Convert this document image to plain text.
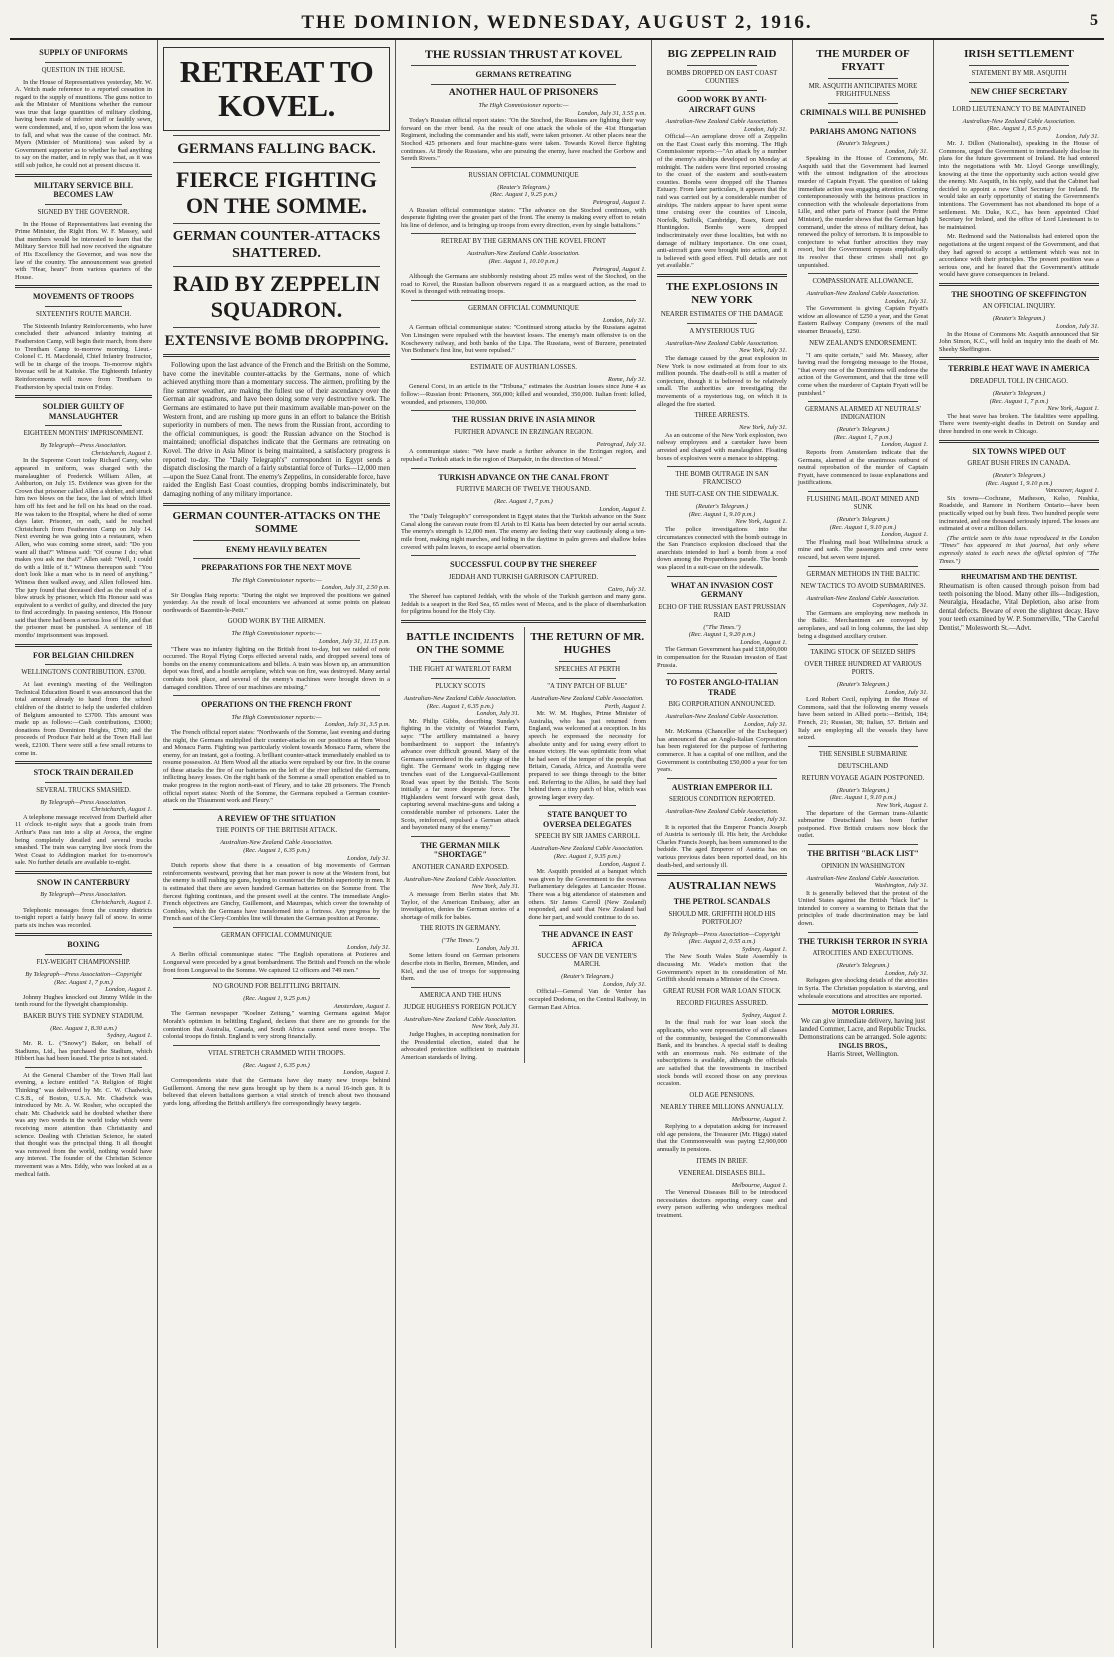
THE DOMINION, WEDNESDAY, AUGUST 2, 1916.	5
SUPPLY OF UNIFORMS
QUESTION IN THE HOUSE.

In the House of Representatives yesterday, Mr. W. A. Veitch made reference to a reported cessation in regard to the supply of munitions. The guns notice to ask the Minister of Munitions whether the rumour was true that large quantities of military clothing, having been made of inferior stuff or faultily sewn, were condemned, and, if so, upon whom the loss was to fall, and what was the cause of the contract. Mr. Myers (Minister of Munitions) was asked by a Government supporter as to whether he had anything to say on the matter, and in reply was that, as it was still sub judice, he could not at present discuss it.

MILITARY SERVICE BILL BECOMES LAW
SIGNED BY THE GOVERNOR.

In the House of Representatives last evening the Prime Minister, the Right Hon. W. F. Massey, said that members would be interested to learn that the Military Service Bill had now received the signature of His Excellency the Governor, and was now the law of the country. The announcement was greeted with "Hear, hears" from various quarters of the House.

MOVEMENTS OF TROOPS
SIXTEENTH'S ROUTE MARCH.

The Sixteenth Infantry Reinforcements, who have concluded their advanced infantry training at Featherston Camp, will begin their march, from there to Trentham Camp to-morrow morning. Lieut.-Colonel C. H. Macdonald, Chief Infantry Instructor, will be in charge of the troops. To-morrow night's bivouac will be at Kaitoke. The Eighteenth Infantry Reinforcements will move from Trentham to Featherston by special train on Friday.

SOLDIER GUILTY OF MANSLAUGHTER
EIGHTEEN MONTHS' IMPRISONMENT.
By Telegraph—Press Association.
Christchurch, August 1.

In the Supreme Court today Richard Carey, who appeared in uniform, was charged with the manslaughter of Frederick William Allen, at Ashburton, on July 15. Evidence was given for the Crown that prisoner called Allen a shirker, and struck him two blows on the face, the last of which lifted him off his feet and he fell on his head on the road. He was taken to the Hospital, where he died of some days later. Prisoner, on oath, said he reached Christchurch from Featherston Camp on July 14. Next evening he was going into a restaurant, when Allen, who was coming some street, said: "Do you want all that?" Witness said: "Of course I do; what makes you ask me that?" Allen said: "Well, I could do with a little of it." Witness thereupon said: "You don't look like a man who is in need of anything." Witness then walked away, and Allen followed him. The jury found that deceased died as the result of a blow struck by prisoner, which His Honour said was equivalent to a verdict of guilty, and directed the jury to find accordingly. In passing sentence, His Honour said that there had been a serious loss of life, and that the prisoner must be punished. A sentence of 18 months' imprisonment was imposed.

FOR BELGIAN CHILDREN
WELLINGTON'S CONTRIBUTION. £3700.

At last evening's meeting of the Wellington Technical Education Board it was announced that the total amount already to hand from the school children of the district to help the underfed children of Belgium amounted to £3700. This amount was made up as follows:—Cash contributions, £3000; donations from Dominion Heights, £700; and the proceeds of Produce Fair held at the Town Hall last week, £2100. There were still a few small returns to come in.

STOCK TRAIN DERAILED
SEVERAL TRUCKS SMASHED.
By Telegraph—Press Association.
Christchurch, August 1.

A telephone message received from Darfield after 11 o'clock to-night says that a goods train from Arthur's Pass ran into a slip at Avoca, the engine being completely derailed and several trucks smashed. The train was carrying live stock from the West Coast to Addington market for to-morrow's sale. No further details are available to-night.

SNOW IN CANTERBURY
By Telegraph—Press Association.
Christchurch, August 1.

Telephonic messages from the country districts to-night report a fairly heavy fall of snow. In some parts six inches was recorded.

BOXING
FLY-WEIGHT CHAMPIONSHIP.
By Telegraph—Press Association—Copyright
(Rec. August 1, 7 p.m.)
London, August 1.

Johnny Hughes knocked out Jimmy Wilde in the tenth round for the flyweight championship.

BAKER BUYS THE SYDNEY STADIUM.
(Rec. August 1, 8.30 a.m.)
Sydney, August 1.

Mr. R. L. ("Snowy") Baker, on behalf of Stadiums, Ltd., has purchased the Stadium, which Hibbert has had been leased. The price is not stated.

At the General Chamber of the Town Hall last evening, a lecture entitled "A Religion of Right Thinking" was delivered by Mr. C. W. Chadwick, C.S.B., of Boston, U.S.A. Mr. Chadwick was introduced by Mr. A. W. Rosher, who occupied the chair. Mr. Chadwick said he doubted whether there was any two words in the world today which were receiving more attention than Christianity and science. Dealing with Christian Science, he stated that thought was the principal thing. It all thought was removed from the world, nothing would have any interest. The founder of the Christian Science movement was a Mrs. Eddy, who was looked at as a medical faith.

RETREAT TO KOVEL.
GERMANS FALLING BACK.
FIERCE FIGHTING ON THE SOMME.
GERMAN COUNTER-ATTACKS SHATTERED.
RAID BY ZEPPELIN SQUADRON.
EXTENSIVE BOMB DROPPING.

Following upon the last advance of the French and the British on the Somme, have come the inevitable counter-attacks by the Germans, none of which achieved anything more than a momentary success. The airmen, profiting by the fine summer weather, are making the fullest use of their ascendancy over the German air squadrons, and have been doing some very destructive work. The Germans are estimated to have put their maximum available man-power on the Western front, and are rushing up more guns in an effort to balance the British superiority in numbers of men. The news from the Russian front, according to the official communiques, is good: the Russian advance on the Stochod is maintained; unofficial dispatches indicate that the Germans are retreating on Kovel. The drive in Asia Minor is being maintained, a satisfactory progress is reported to-day. The "Daily Telegraph's" correspondent in Egypt sends a dispatch disclosing the march of a fairly substantial force of Turks—12,000 men—upon the Suez Canal front. The enemy's Zeppelins, in considerable force, have raided the English East Coast counties, dropping bombs indiscriminately, but damaging nothing of any military importance.

GERMAN COUNTER-ATTACKS ON THE SOMME
ENEMY HEAVILY BEATEN
PREPARATIONS FOR THE NEXT MOVE
The High Commissioner reports:—
London, July 31, 2.50 p.m.

Sir Douglas Haig reports: "During the night we improved the positions we gained yesterday. As the result of local encounters we advanced at some points on plateau northwards of Bazentin-le-Petit."

GOOD WORK BY THE AIRMEN.
The High Commissioner reports:—
London, July 31, 11.15 p.m.

"There was no infantry fighting on the British front to-day, but we raided of note occurred. The Royal Flying Corps effected several raids, and dropped several tons of bombs on the enemy communications and billets. A train was blown up, an ammunition depot was fired, and a hostile aeroplane, which was on fire, was destroyed. Many aerial combats took place, and several of the enemy's machines were brought down in a damaged condition. Three of our machines are missing."

OPERATIONS ON THE FRENCH FRONT
The High Commissioner reports:—
London, July 31, 3.5 p.m.

The French official report states: "Northwards of the Somme, last evening and during the night, the Germans multiplied their counter-attacks on our positions at Hem Wood and Monacu Farm. Fighting was particularly violent towards Monacu Farm, where the enemy, for an instant, got a footing. A brilliant counter-attack immediately enabled us to resume possession. At Hem Wood all the attacks were repulsed by our fire. In the course of these attacks the fire of our batteries on the left of the river inflicted the Germans, inflicting heavy losses. On the right bank of the Somme a small operation enabled us to make progress in the region north-east of Fleury, and to take 28 prisoners. The French official report states: North of the Somme, the Germans repulsed a German counter-attack on the Thiaumont work and Fleury."

A REVIEW OF THE SITUATION
THE POINTS OF THE BRITISH ATTACK.
Australian-New Zealand Cable Association.
(Rec. August 1, 6.35 p.m.)
London, July 31.

Dutch reports show that there is a cessation of big movements of German reinforcements westward, proving that her man power is now at the Western front, but the enemy is still rushing up guns, hoping to counteract the British superiority in men. It is estimated that there are seven hundred German batteries on the Somme front. The fiercest fighting continues, and the present swell at the centre. The immediate Anglo-French objectives are Ginchy, Guillemont, and Maurepas, which cover the township of Combles, which the Germans have transformed into a fortress. Any progress by the French east of the Clery-Combles line will threaten the German position at Peronne.

GERMAN OFFICIAL COMMUNIQUE
London, July 31.

A Berlin official communique states: "The English operations at Pozieres and Longueval were preceded by a great bombardment. The British and French on the whole front from Longueval to the Somme. We captured 12 officers and 749 men."

NO GROUND FOR BELITTLING BRITAIN.
(Rec. August 1, 9.25 p.m.)
Amsterdam, August 1.

The German newspaper "Koelner Zeitung," warning Germans against Major Moraht's optimism in belittling England, declares that there are no grounds for the contention that Australia, Canada, and South Africa cannot send more troops. The colonial troops do finish. England is very strong financially.

VITAL STRETCH CRAMMED WITH TROOPS.
(Rec. August 1, 6.35 p.m.)
London, August 1.

Correspondents state that the Germans have day many new troops behind Guillemont. Among the new guns brought up by them is a naval 16-inch gun. It is believed that eleven battalions garrison a vital stretch of trench about two thousand yards long, affording the British artillery's fire correspondingly heavy targets.

THE RUSSIAN THRUST AT KOVEL
GERMANS RETREATING
ANOTHER HAUL OF PRISONERS
The High Commissioner reports:—
London, July 31, 3.55 p.m.

Today's Russian official report states: "On the Stochod, the Russians are fighting their way forward on the river bend. As the result of one attack the whole of the 41st Hungarian Regiment, including the commander and his staff, were taken prisoner. At other places near the Stochod 425 prisoners and four machine-guns were taken. Towards Kovel fierce fighting continues. At Brody the Russians, who are pursuing the enemy, have reached the Gorbow and Sereth Rivers."

RUSSIAN OFFICIAL COMMUNIQUE
(Reuter's Telegram.)
(Rec. August 1, 9.25 p.m.)
Petrograd, August 1.

A Russian official communique states: "The advance on the Stochod continues, with desperate fighting over the greater part of the front. The enemy is making every effort to retain his line of defence, and is bringing up troops from every direction, even by single battalions."

RETREAT BY THE GERMANS ON THE KOVEL FRONT
Australian-New Zealand Cable Association.
(Rec. August 1, 10.10 p.m.)
Petrograd, August 1.

Although the Germans are stubbornly resisting about 25 miles west of the Stochod, on the road to Kovel, the Russian balloon observers regard it as a rearguard action, as the road to Kovel is thronged with retreating troops.

GERMAN OFFICIAL COMMUNIQUE
London, July 31.

A German official communique states: "Continued strong attacks by the Russians against Von Linsingen were repulsed with the heaviest losses. The enemy's main offensive is on the Koschewery railway, and both banks of the Lipa. The Russians, west of Burzere, penetrated Von Bothmer's first line, but were repulsed."

ESTIMATE OF AUSTRIAN LOSSES.
Rome, July 31.

General Corsi, in an article in the "Tribuna," estimates the Austrian losses since June 4 as follow:—Russian front: Prisoners, 366,000; killed and wounded, 350,000. Italian front: killed, wounded, and prisoners, 130,000.

THE RUSSIAN DRIVE IN ASIA MINOR
FURTHER ADVANCE IN ERZINGAN REGION.
Petrograd, July 31.

A communique states: "We have made a further advance in the Erzingan region, and repulsed a Turkish attack in the region of Diarpakir, in the direction of Mosul."

TURKISH ADVANCE ON THE CANAL FRONT
FURTIVE MARCH OF TWELVE THOUSAND.
(Rec. August 1, 7 p.m.)
London, August 1.

The "Daily Telegraph's" correspondent in Egypt states that the Turkish advance on the Suez Canal along the caravan route from El Arish to El Katia has been detected by our aerial scouts. The enemy's strength is 12,000 men. The enemy are feeling their way cautiously along a ten-mile front, making night marches, and hiding in the daytime in palm groves and shallow holes covered with palm leaves, to escape aerial observation.

SUCCESSFUL COUP BY THE SHEREEF
JEDDAH AND TURKISH GARRISON CAPTURED.
Cairo, July 31.

The Shereef has captured Jeddah, with the whole of the Turkish garrison and many guns. Jeddah is a seaport in the Red Sea, 65 miles west of Mecca, and is the place of disembarkation for pilgrims bound for the Holy City.

BATTLE INCIDENTS ON THE SOMME
THE FIGHT AT WATERLOT FARM
PLUCKY SCOTS
Australian-New Zealand Cable Association.
(Rec. August 1, 6.35 p.m.)
London, July 31.

Mr. Philip Gibbs, describing Sunday's fighting in the vicinity of Waterlot Farm, says: "The artillery maintained a heavy bombardment to support the infantry's advance over difficult ground. Many of the Germans surrendered in the early stage of the fight. The Germans' work in digging new trenches east of the Longueval-Guillemont Road was upset by the British. The Scots initially a far more desperate force. The Highlanders went forward with great dash, capturing several machine-guns and taking a considerable number of prisoners. Later the Scots, reinforced, repulsed a German attack and bayoneted many of the enemy."

THE GERMAN MILK "SHORTAGE"
ANOTHER CANARD EXPOSED.
Australian-New Zealand Cable Association.
New York, July 31.

A message from Berlin states that Mr. Taylor, of the American Embassy, after an investigation, denies the German stories of a shortage of milk for babies.

THE RIOTS IN GERMANY.
("The Times.")
London, July 31.

Some letters found on German prisoners describe riots in Berlin, Bremen, Minden, and Kiel, and the use of troops for suppressing them.

AMERICA AND THE HUNS
JUDGE HUGHES'S FOREIGN POLICY
Australian-New Zealand Cable Association.
New York, July 31.

Judge Hughes, in accepting nomination for the Presidential election, stated that he advocated protection sufficient to maintain American standards of living.

THE RETURN OF MR. HUGHES
SPEECHES AT PERTH
"A TINY PATCH OF BLUE"
Australian-New Zealand Cable Association.
Perth, August 1.

Mr. W. M. Hughes, Prime Minister of Australia, who has just returned from England, was welcomed at a reception. In his speech he expressed the necessity for absolute unity and for using every effort to ensure victory. He was optimistic from what he had seen of the temper of the people, that Britain, Canada, Africa, and Australia were prepared to see things through to the bitter end. Referring to the Allies, he said they had behind them a tiny patch of blue, which was growing larger every day.

STATE BANQUET TO OVERSEA DELEGATES
SPEECH BY SIR JAMES CARROLL
Australian-New Zealand Cable Association.
(Rec. August 1, 9.35 p.m.)
London, August 1.

Mr. Asquith presided at a banquet which was given by the Government to the oversea Parliamentary delegates at Lancaster House. There was a big attendance of statesmen and others. Sir James Carroll (New Zealand) responded, and said that New Zealand had done her part, and would continue to do so.

THE ADVANCE IN EAST AFRICA
SUCCESS OF VAN DE VENTER'S MARCH.
(Reuter's Telegram.)
London, July 31.

Official—General Van de Venter has occupied Dodoma, on the Central Railway, in German East Africa.

BIG ZEPPELIN RAID
BOMBS DROPPED ON EAST COAST COUNTIES
GOOD WORK BY ANTI-AIRCRAFT GUNS
Australian-New Zealand Cable Association.
London, July 31.

Official—An aeroplane drove off a Zeppelin on the East Coast early this morning. The High Commissioner reports:—"An attack by a number of the enemy's airships developed on Monday at midnight. The raiders were first reported crossing to the coast of the eastern and south-eastern counties. Bombs were dropped off the Thames Estuary. From later particulars, it appears that the raid was carried out by a considerable number of airships. The raiders appear to have spent some time cruising over the counties of Lincoln, Norfolk, Suffolk, Cambridge, Essex, Kent and Huntingdon. Bombs were dropped indiscriminately over these localities, but with no damage of military importance. On one coast, anti-aircraft guns were brought into action, and it is believed with good effect. Full details are not yet available."

THE EXPLOSIONS IN NEW YORK
NEARER ESTIMATES OF THE DAMAGE
A MYSTERIOUS TUG
Australian-New Zealand Cable Association.
New York, July 31.

The damage caused by the great explosion in New York is now estimated at from four to six million pounds. The death-roll is still a matter of conjecture, though it is believed to be relatively small. The authorities are investigating the movements of a mysterious tug, on which it is alleged the fire started.

THREE ARRESTS.
New York, July 31.

As an outcome of the New York explosion, two railway employees and a caretaker have been arrested and charged with manslaughter. Floating boxes of explosives were a menace to shipping.

THE BOMB OUTRAGE IN SAN FRANCISCO
THE SUIT-CASE ON THE SIDEWALK.
(Reuter's Telegram.)
(Rec. August 1, 9.10 p.m.)
New York, August 1.

The police investigations into the circumstances connected with the bomb outrage in the San Francisco explosion disclosed that the anarchists intended to hurl a bomb from a roof down among the Preparedness parade. The bomb was placed in a suit-case on the sidewalk.

WHAT AN INVASION COST GERMANY
ECHO OF THE RUSSIAN EAST PRUSSIAN RAID
("The Times.")
(Rec. August 1, 9.20 p.m.)
London, August 1.

The German Government has paid £18,000,000 in compensation for the Russian invasion of East Prussia.

TO FOSTER ANGLO-ITALIAN TRADE
BIG CORPORATION ANNOUNCED.
Australian-New Zealand Cable Association.
London, July 31.

Mr. McKenna (Chancellor of the Exchequer) has announced that an Anglo-Italian Corporation has been registered for the purpose of furthering commerce. It has a capital of one million, and the Government is contributing £50,000 a year for ten years.

AUSTRIAN EMPEROR ILL
SERIOUS CONDITION REPORTED.
Australian-New Zealand Cable Association.
London, July 31.

It is reported that the Emperor Francis Joseph of Austria is seriously ill. His heir, the Archduke Charles Francis Joseph, has been summoned to the bedside. The aged Emperor of Austria has on various previous dates been reported dead, on his death-bed, and seriously ill.

AUSTRALIAN NEWS
THE PETROL SCANDALS
SHOULD MR. GRIFFITH HOLD HIS PORTFOLIO?
By Telegraph—Press Association—Copyright
(Rec. August 2, 0.55 a.m.)
Sydney, August 1.

The New South Wales State Assembly is discussing Mr. Wade's motion that the Government's report in its consideration of Mr. Griffith should remain a Minister of the Crown.

GREAT RUSH FOR WAR LOAN STOCK
RECORD FIGURES ASSURED.
Sydney, August 1.

In the final rush for war loan stock the applicants, who were representative of all classes of the community, besieged the Commonwealth Bank, and its branches. A special staff is dealing with an enormous rush. No estimate of the subscriptions is available, although the officials are satisfied that the investments in inscribed stock bonds will exceed those on any previous occasion.

OLD AGE PENSIONS.
NEARLY THREE MILLIONS ANNUALLY.
Melbourne, August 1.

Replying to a deputation asking for increased old age pensions, the Treasurer (Mr. Higgs) stated that the Commonwealth was paying £2,900,000 annually in pensions.

ITEMS IN BRIEF.
VENEREAL DISEASES BILL.
Melbourne, August 1.

The Venereal Diseases Bill to be introduced necessitates doctors reporting every case and every person suffering who undergoes medical treatment.

THE MURDER OF FRYATT
MR. ASQUITH ANTICIPATES MORE FRIGHTFULNESS
CRIMINALS WILL BE PUNISHED
PARIAHS AMONG NATIONS
(Reuter's Telegram.)
London, July 31.

Speaking in the House of Commons, Mr. Asquith said that the Government had learned with the utmost indignation of the atrocious murder of Captain Fryatt. The question of taking immediate action was engaging attention. Coming contemporaneously with the heinous practices in connection with the wholesale deportations from Lille, and other parts of France (said the Prime Minister), the murder shows that the German high command, under the stress of military defeat, has renewed the policy of terrorism. It is impossible to conjecture to what further atrocities they may resort, but the Government repeats emphatically its resolve that these crimes shall not go unpunished.

COMPASSIONATE ALLOWANCE.
Australian-New Zealand Cable Association.
London, July 31.

The Government is giving Captain Fryatt's widow an allowance of £250 a year, and the Great Eastern Railway Company (owners of the mail steamer Brussels), £250.

NEW ZEALAND'S ENDORSEMENT.

"I am quite certain," said Mr. Massey, after having read the foregoing message to the House, "that every one of the Dominions will endorse the action of the Government, and that the time will come when the murderer of Captain Fryatt will be punished."

GERMANS ALARMED AT NEUTRALS' INDIGNATION
(Reuter's Telegram.)
(Rec. August 1, 7 p.m.)
London, August 1.

Reports from Amsterdam indicate that the Germans, alarmed at the unanimous outburst of neutral reprobation of the murder of Captain Fryatt, have commenced to issue explanations and justifications.

FLUSHING MAIL-BOAT MINED AND SUNK
(Reuter's Telegram.)
(Rec. August 1, 9.10 p.m.)
London, August 1.

The Flushing mail boat Wilhelmina struck a mine and sank. The passengers and crew were rescued, but seven were injured.

GERMAN METHODS IN THE BALTIC
NEW TACTICS TO AVOID SUBMARINES.
Australian-New Zealand Cable Association.
Copenhagen, July 31.

The Germans are employing new methods in the Baltic. Merchantmen are convoyed by aeroplanes, and sail in long columns, the last ship being a disguised auxiliary cruiser.

TAKING STOCK OF SEIZED SHIPS
OVER THREE HUNDRED AT VARIOUS PORTS.
(Reuter's Telegram.)
London, July 31.

Lord Robert Cecil, replying in the House of Commons, said that the following enemy vessels have been seized in Allied ports:—British, 184; French, 21; Russian, 38; Italian, 57. Britain and Italy are employing all the vessels they have seized.

THE SENSIBLE SUBMARINE
DEUTSCHLAND
RETURN VOYAGE AGAIN POSTPONED.
(Reuter's Telegram.)
(Rec. August 1, 9.10 p.m.)
New York, August 1.

The departure of the German trans-Atlantic submarine Deutschland has been further postponed. Five British cruisers now block the outlet.

THE BRITISH "BLACK LIST"
OPINION IN WASHINGTON
Australian-New Zealand Cable Association.
Washington, July 31.

It is generally believed that the protest of the United States against the British "black list" is intended to convey a warning to Britain that the principles of trade discrimination may be laid down.

THE TURKISH TERROR IN SYRIA
ATROCITIES AND EXECUTIONS.
(Reuter's Telegram.)
London, July 31.

Refugees give shocking details of the atrocities in Syria. The Christian population is starving, and wholesale executions and atrocities are reported.

MOTOR LORRIES.
We can give immediate delivery, having just landed Commer, Lacre, and Republic Trucks.
Demonstrations can be arranged. Sole agents:
INGLIS BROS.,
Harris Street, Wellington.
IRISH SETTLEMENT
STATEMENT BY MR. ASQUITH
NEW CHIEF SECRETARY
LORD LIEUTENANCY TO BE MAINTAINED
Australian-New Zealand Cable Association.
(Rec. August 1, 8.5 p.m.)
London, July 31.

Mr. J. Dillon (Nationalist), speaking in the House of Commons, urged the Government to immediately disclose its plans for the future government of Ireland. He had entered into the negotiations with Mr. Lloyd George unwillingly, knowing at the time the opportunity such action would give the enemy. Mr. Asquith, in his reply, said that the Cabinet had decided to appoint a new Chief Secretary for Ireland. He would take an early opportunity of stating the Government's intentions. The Government has not abandoned its hope of a settlement. Mr. Duke, K.C., has been appointed Chief Secretary for Ireland, and the office of Lord Lieutenant is to be maintained.

Mr. Redmond said the Nationalists had entered upon the negotiations at the urgent request of the Government, and that they had agreed to accept a settlement which was not in accordance with their principles. The present position was a serious one, and he feared that the Government's attitude would have grave consequences in Ireland.

THE SHOOTING OF SKEFFINGTON
AN OFFICIAL INQUIRY.
(Reuter's Telegram.)
London, July 31.

In the House of Commons Mr. Asquith announced that Sir John Simon, K.C., will hold an inquiry into the death of Mr. Sheehy Skeffington.

TERRIBLE HEAT WAVE IN AMERICA
DREADFUL TOLL IN CHICAGO.
(Reuter's Telegram.)
(Rec. August 1, 7 p.m.)
New York, August 1.

The heat wave has broken. The fatalities were appalling. There were twenty-eight deaths in Detroit on Sunday and three hundred in one week in Chicago.

SIX TOWNS WIPED OUT
GREAT BUSH FIRES IN CANADA.
(Reuter's Telegram.)
(Rec. August 1, 9.10 p.m.)
Vancouver, August 1.

Six towns—Cochrane, Matheson, Kelso, Nushka, Roadside, and Ramore in Northern Ontario—have been practically wiped out by bush fires. Two hundred people were incinerated, and one thousand seriously injured. The losses are estimated at over a million dollars.

(The article seen in this issue reproduced in the London "Times" has appeared in that journal, but only where expressly stated is each news the official opinion of "The Times.")

RHEUMATISM AND THE DENTIST.
Rheumatism is often caused through poison from bad teeth poisoning the blood. Many other ills—Indigestion, Neuralgia, Headache, Vital Depletion, also arise from dental defects. Beware of even the slightest decay. Have your teeth examined by W. P. Sommerville, "The Careful Dentist," Molesworth St.—Advt.
